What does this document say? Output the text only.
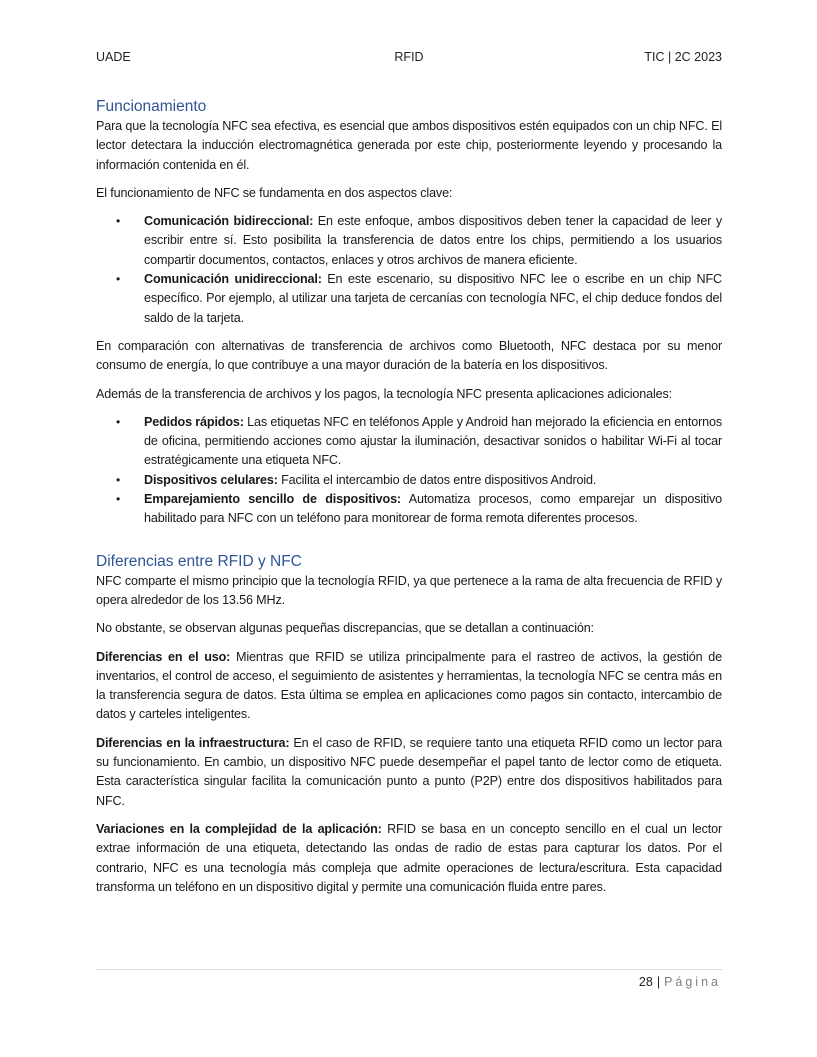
UADE	RFID	TIC | 2C 2023
Funcionamiento

Para que la tecnología NFC sea efectiva, es esencial que ambos dispositivos estén equipados con un chip NFC. El lector detectara la inducción electromagnética generada por este chip, posteriormente leyendo y procesando la información contenida en él.

El funcionamiento de NFC se fundamenta en dos aspectos clave:

• Comunicación bidireccional: En este enfoque, ambos dispositivos deben tener la capacidad de leer y escribir entre sí. Esto posibilita la transferencia de datos entre los chips, permitiendo a los usuarios compartir documentos, contactos, enlaces y otros archivos de manera eficiente.
• Comunicación unidireccional: En este escenario, su dispositivo NFC lee o escribe en un chip NFC específico. Por ejemplo, al utilizar una tarjeta de cercanías con tecnología NFC, el chip deduce fondos del saldo de la tarjeta.

En comparación con alternativas de transferencia de archivos como Bluetooth, NFC destaca por su menor consumo de energía, lo que contribuye a una mayor duración de la batería en los dispositivos.

Además de la transferencia de archivos y los pagos, la tecnología NFC presenta aplicaciones adicionales:

• Pedidos rápidos: Las etiquetas NFC en teléfonos Apple y Android han mejorado la eficiencia en entornos de oficina, permitiendo acciones como ajustar la iluminación, desactivar sonidos o habilitar Wi-Fi al tocar estratégicamente una etiqueta NFC.
• Dispositivos celulares: Facilita el intercambio de datos entre dispositivos Android.
• Emparejamiento sencillo de dispositivos: Automatiza procesos, como emparejar un dispositivo habilitado para NFC con un teléfono para monitorear de forma remota diferentes procesos.
Diferencias entre RFID y NFC

NFC comparte el mismo principio que la tecnología RFID, ya que pertenece a la rama de alta frecuencia de RFID y opera alrededor de los 13.56 MHz.

No obstante, se observan algunas pequeñas discrepancias, que se detallan a continuación:

Diferencias en el uso: Mientras que RFID se utiliza principalmente para el rastreo de activos, la gestión de inventarios, el control de acceso, el seguimiento de asistentes y herramientas, la tecnología NFC se centra más en la transferencia segura de datos. Esta última se emplea en aplicaciones como pagos sin contacto, intercambio de datos y carteles inteligentes.

Diferencias en la infraestructura: En el caso de RFID, se requiere tanto una etiqueta RFID como un lector para su funcionamiento. En cambio, un dispositivo NFC puede desempeñar el papel tanto de lector como de etiqueta. Esta característica singular facilita la comunicación punto a punto (P2P) entre dos dispositivos habilitados para NFC.

Variaciones en la complejidad de la aplicación: RFID se basa en un concepto sencillo en el cual un lector extrae información de una etiqueta, detectando las ondas de radio de estas para capturar los datos. Por el contrario, NFC es una tecnología más compleja que admite operaciones de lectura/escritura. Esta capacidad transforma un teléfono en un dispositivo digital y permite una comunicación fluida entre pares.

28 | Página
